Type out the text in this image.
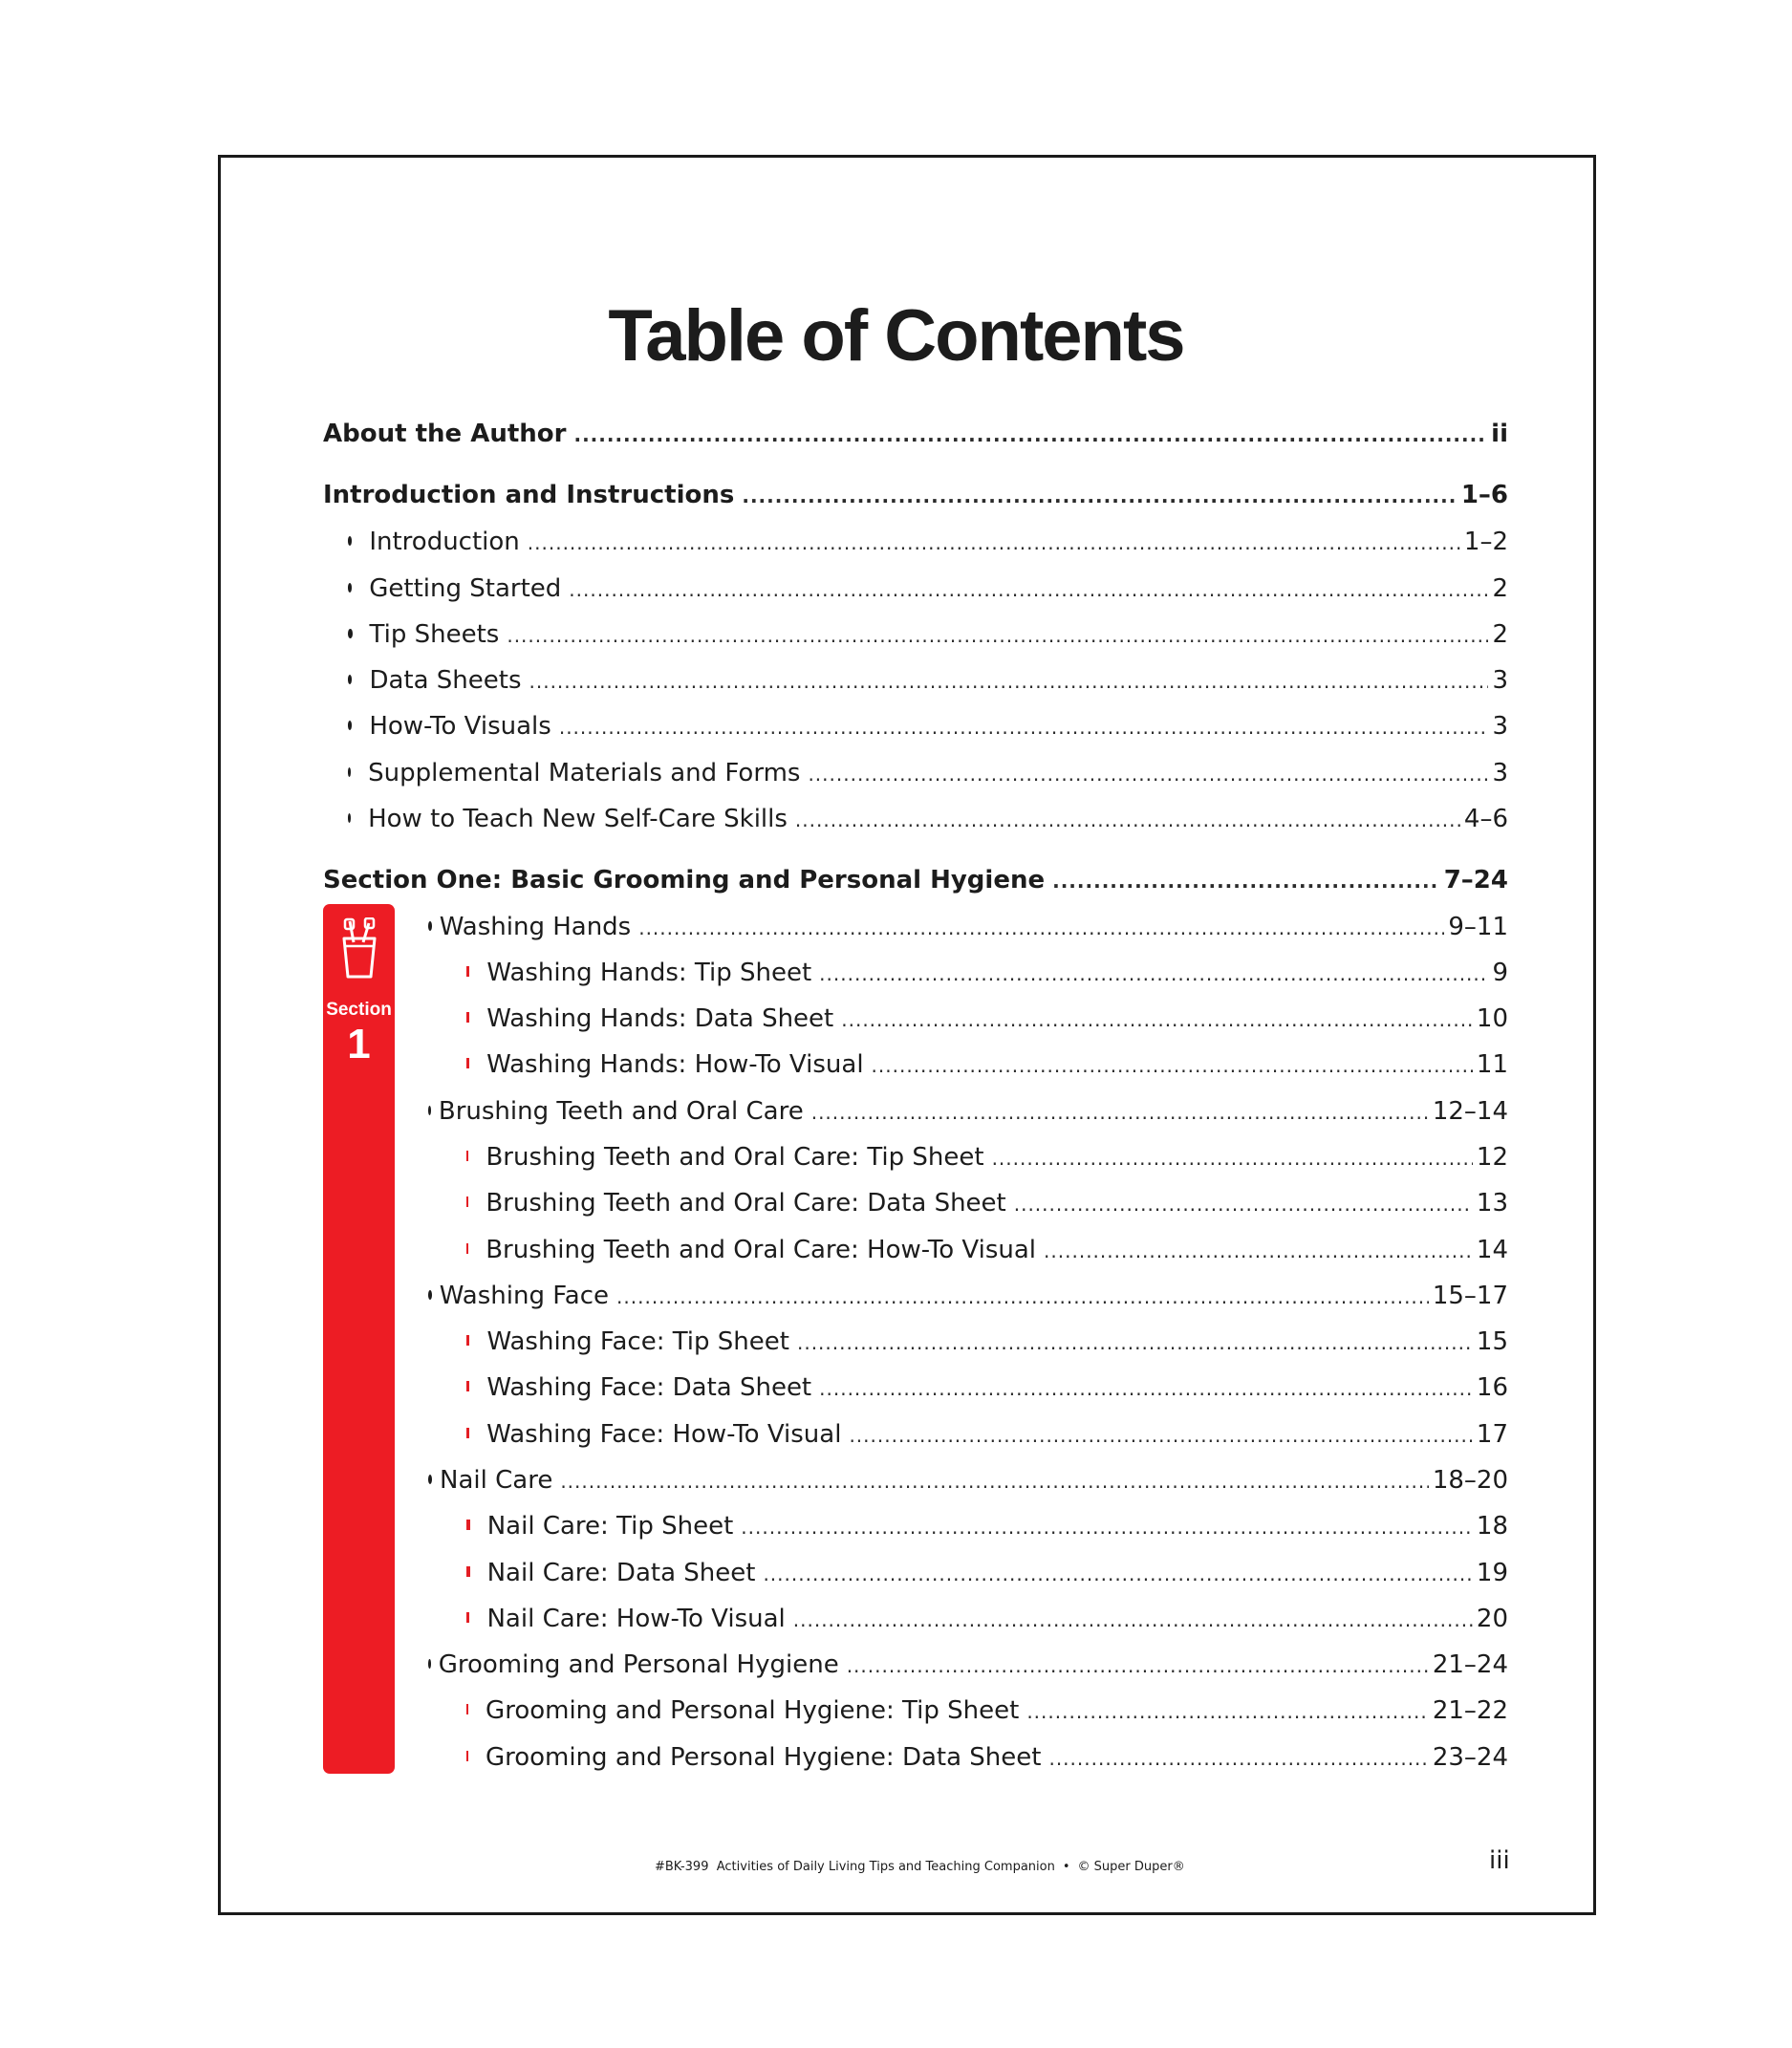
Table of Contents
About the Author .....	ii
Introduction and Instructions .....	1–6
Introduction .....	1–2
Getting Started .....	2
Tip Sheets .....	2
Data Sheets .....	3
How-To Visuals .....	3
Supplemental Materials and Forms .....	3
How to Teach New Self-Care Skills .....	4–6
Section One: Basic Grooming and Personal Hygiene .....	7–24
Section
1
Washing Hands .....	9–11
Washing Hands: Tip Sheet .....	9
Washing Hands: Data Sheet .....	10
Washing Hands: How-To Visual .....	11
Brushing Teeth and Oral Care .....	12–14
Brushing Teeth and Oral Care: Tip Sheet .....	12
Brushing Teeth and Oral Care: Data Sheet .....	13
Brushing Teeth and Oral Care: How-To Visual .....	14
Washing Face .....	15–17
Washing Face: Tip Sheet .....	15
Washing Face: Data Sheet .....	16
Washing Face: How-To Visual .....	17
Nail Care .....	18–20
Nail Care: Tip Sheet .....	18
Nail Care: Data Sheet .....	19
Nail Care: How-To Visual .....	20
Grooming and Personal Hygiene .....	21–24
Grooming and Personal Hygiene: Tip Sheet .....	21–22
Grooming and Personal Hygiene: Data Sheet .....	23–24
#BK-399 Activities of Daily Living Tips and Teaching Companion • © Super Duper®	iii
